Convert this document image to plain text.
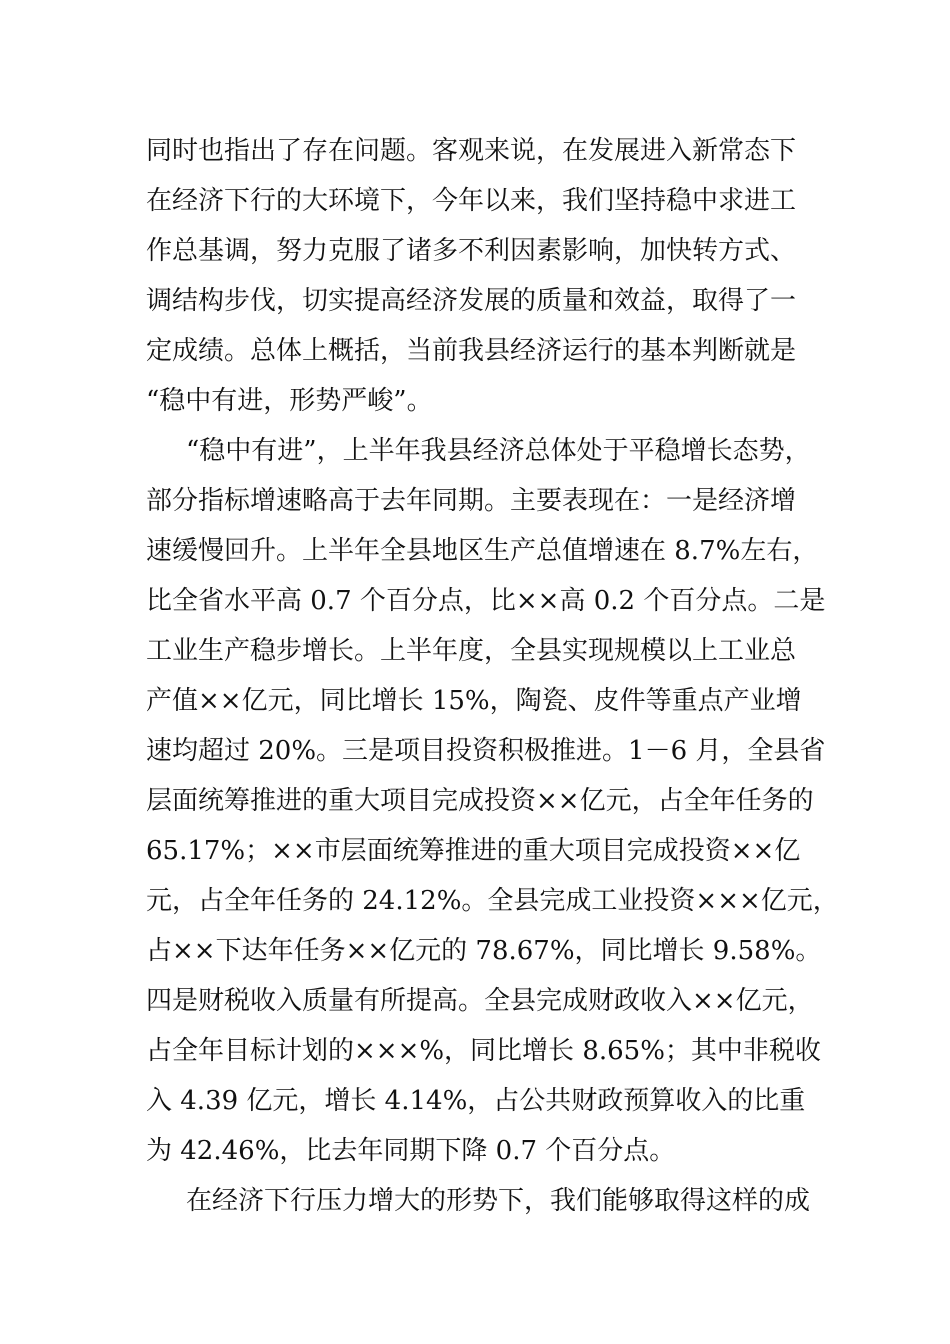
同时也指出了存在问题。客观来说，在发展进入新常态下
在经济下行的大环境下，今年以来，我们坚持稳中求进工
作总基调，努力克服了诸多不利因素影响，加快转方式、
调结构步伐，切实提高经济发展的质量和效益，取得了一
定成绩。总体上概括，当前我县经济运行的基本判断就是
“稳中有进，形势严峻”。
“稳中有进”，上半年我县经济总体处于平稳增长态势，
部分指标增速略高于去年同期。主要表现在：一是经济增
速缓慢回升。上半年全县地区生产总值增速在 8.7%左右，
比全省水平高 0.7 个百分点，比××高 0.2 个百分点。二是
工业生产稳步增长。上半年度，全县实现规模以上工业总
产值××亿元，同比增长 15%，陶瓷、皮件等重点产业增
速均超过 20%。三是项目投资积极推进。1－6 月，全县省
层面统筹推进的重大项目完成投资××亿元，占全年任务的
65.17%；××市层面统筹推进的重大项目完成投资××亿
元，占全年任务的 24.12%。全县完成工业投资×××亿元，
占××下达年任务××亿元的 78.67%，同比增长 9.58%。
四是财税收入质量有所提高。全县完成财政收入××亿元，
占全年目标计划的×××%，同比增长 8.65%；其中非税收
入 4.39 亿元，增长 4.14%，占公共财政预算收入的比重
为 42.46%，比去年同期下降 0.7 个百分点。
在经济下行压力增大的形势下，我们能够取得这样的成
